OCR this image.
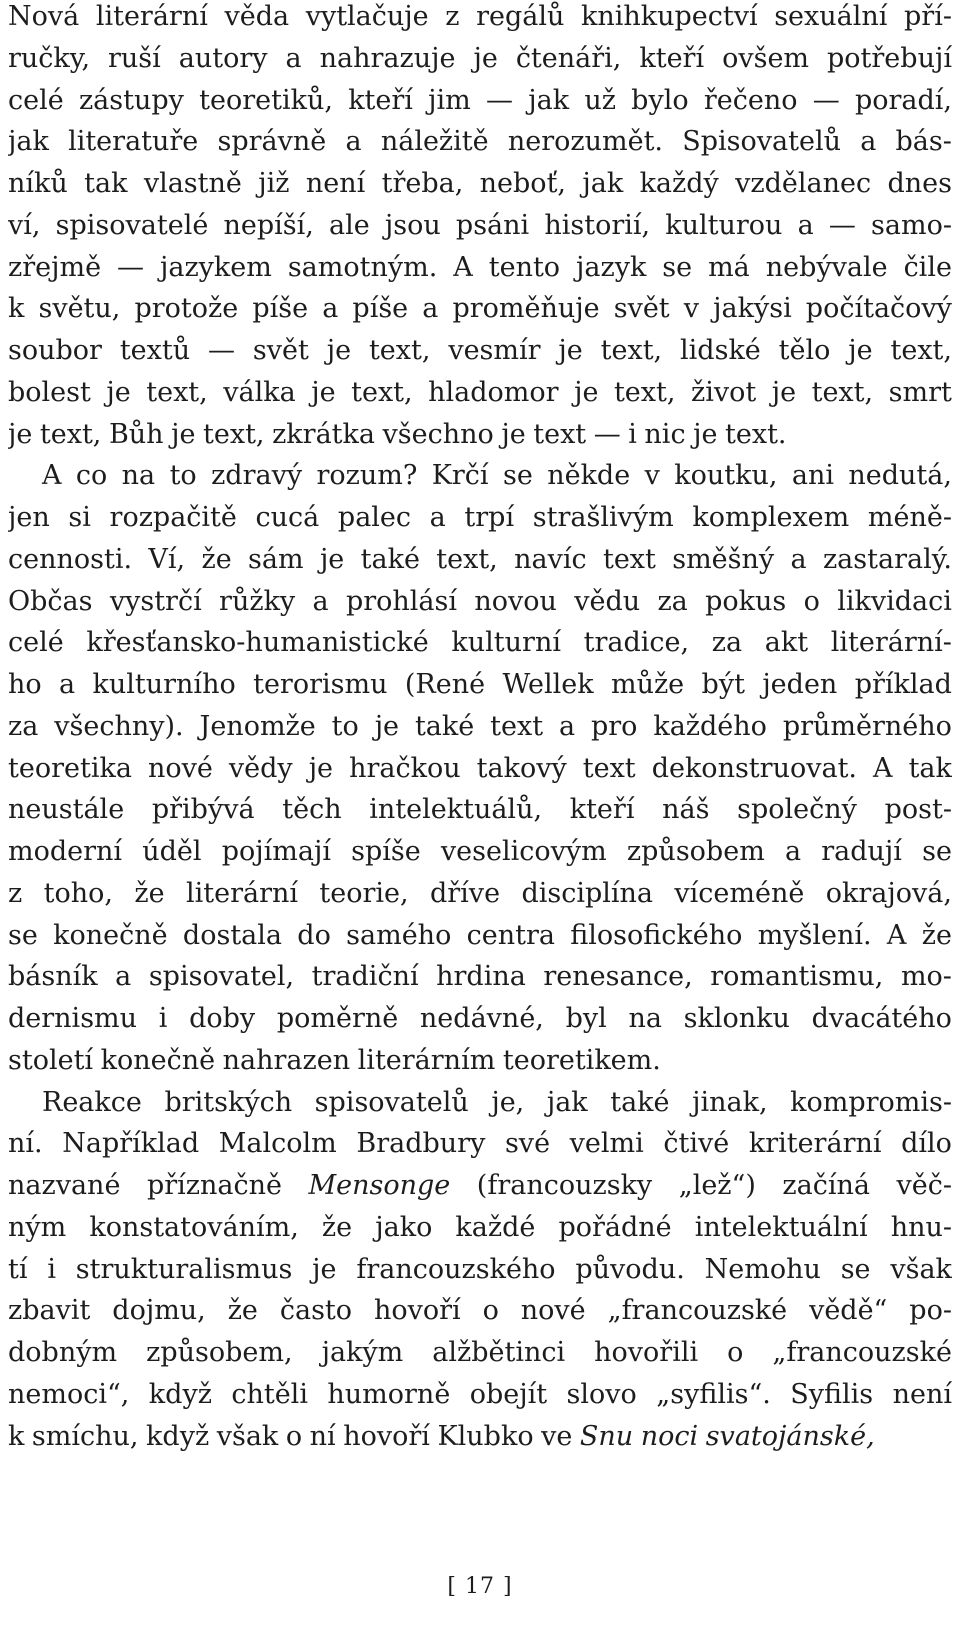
Nová literární věda vytlačuje z regálů knihkupectví sexuální pří-
ručky, ruší autory a nahrazuje je čtenáři, kteří ovšem potřebují
celé zástupy teoretiků, kteří jim — jak už bylo řečeno — poradí,
jak literatuře správně a náležitě nerozumět. Spisovatelů a bás-
níků tak vlastně již není třeba, neboť, jak každý vzdělanec dnes
ví, spisovatelé nepíší, ale jsou psáni historií, kulturou a — samo-
zřejmě — jazykem samotným. A tento jazyk se má nebývale čile
k světu, protože píše a píše a proměňuje svět v jakýsi počítačový
soubor textů — svět je text, vesmír je text, lidské tělo je text,
bolest je text, válka je text, hladomor je text, život je text, smrt
je text, Bůh je text, zkrátka všechno je text — i nic je text.
A co na to zdravý rozum? Krčí se někde v koutku, ani nedutá,
jen si rozpačitě cucá palec a trpí strašlivým komplexem méně-
cennosti. Ví, že sám je také text, navíc text směšný a zastaralý.
Občas vystrčí růžky a prohlásí novou vědu za pokus o likvidaci
celé křesťansko-humanistické kulturní tradice, za akt literární-
ho a kulturního terorismu (René Wellek může být jeden příklad
za všechny). Jenomže to je také text a pro každého průměrného
teoretika nové vědy je hračkou takový text dekonstruovat. A tak
neustále přibývá těch intelektuálů, kteří náš společný post-
moderní úděl pojímají spíše veselicovým způsobem a radují se
z toho, že literární teorie, dříve disciplína víceméně okrajová,
se konečně dostala do samého centra filosofického myšlení. A že
básník a spisovatel, tradiční hrdina renesance, romantismu, mo-
dernismu i doby poměrně nedávné, byl na sklonku dvacátého
století konečně nahrazen literárním teoretikem.
Reakce britských spisovatelů je, jak také jinak, kompromis-
ní. Například Malcolm Bradbury své velmi čtivé kriterární dílo
nazvané příznačně Mensonge (francouzsky „lež“) začíná věč-
ným konstatováním, že jako každé pořádné intelektuální hnu-
tí i strukturalismus je francouzského původu. Nemohu se však
zbavit dojmu, že často hovoří o nové „francouzské vědě“ po-
dobným způsobem, jakým alžbětinci hovořili o „francouzské
nemoci“, když chtěli humorně obejít slovo „syfilis“. Syfilis není
k smíchu, když však o ní hovoří Klubko ve Snu noci svatojánské,
[ 17 ]
